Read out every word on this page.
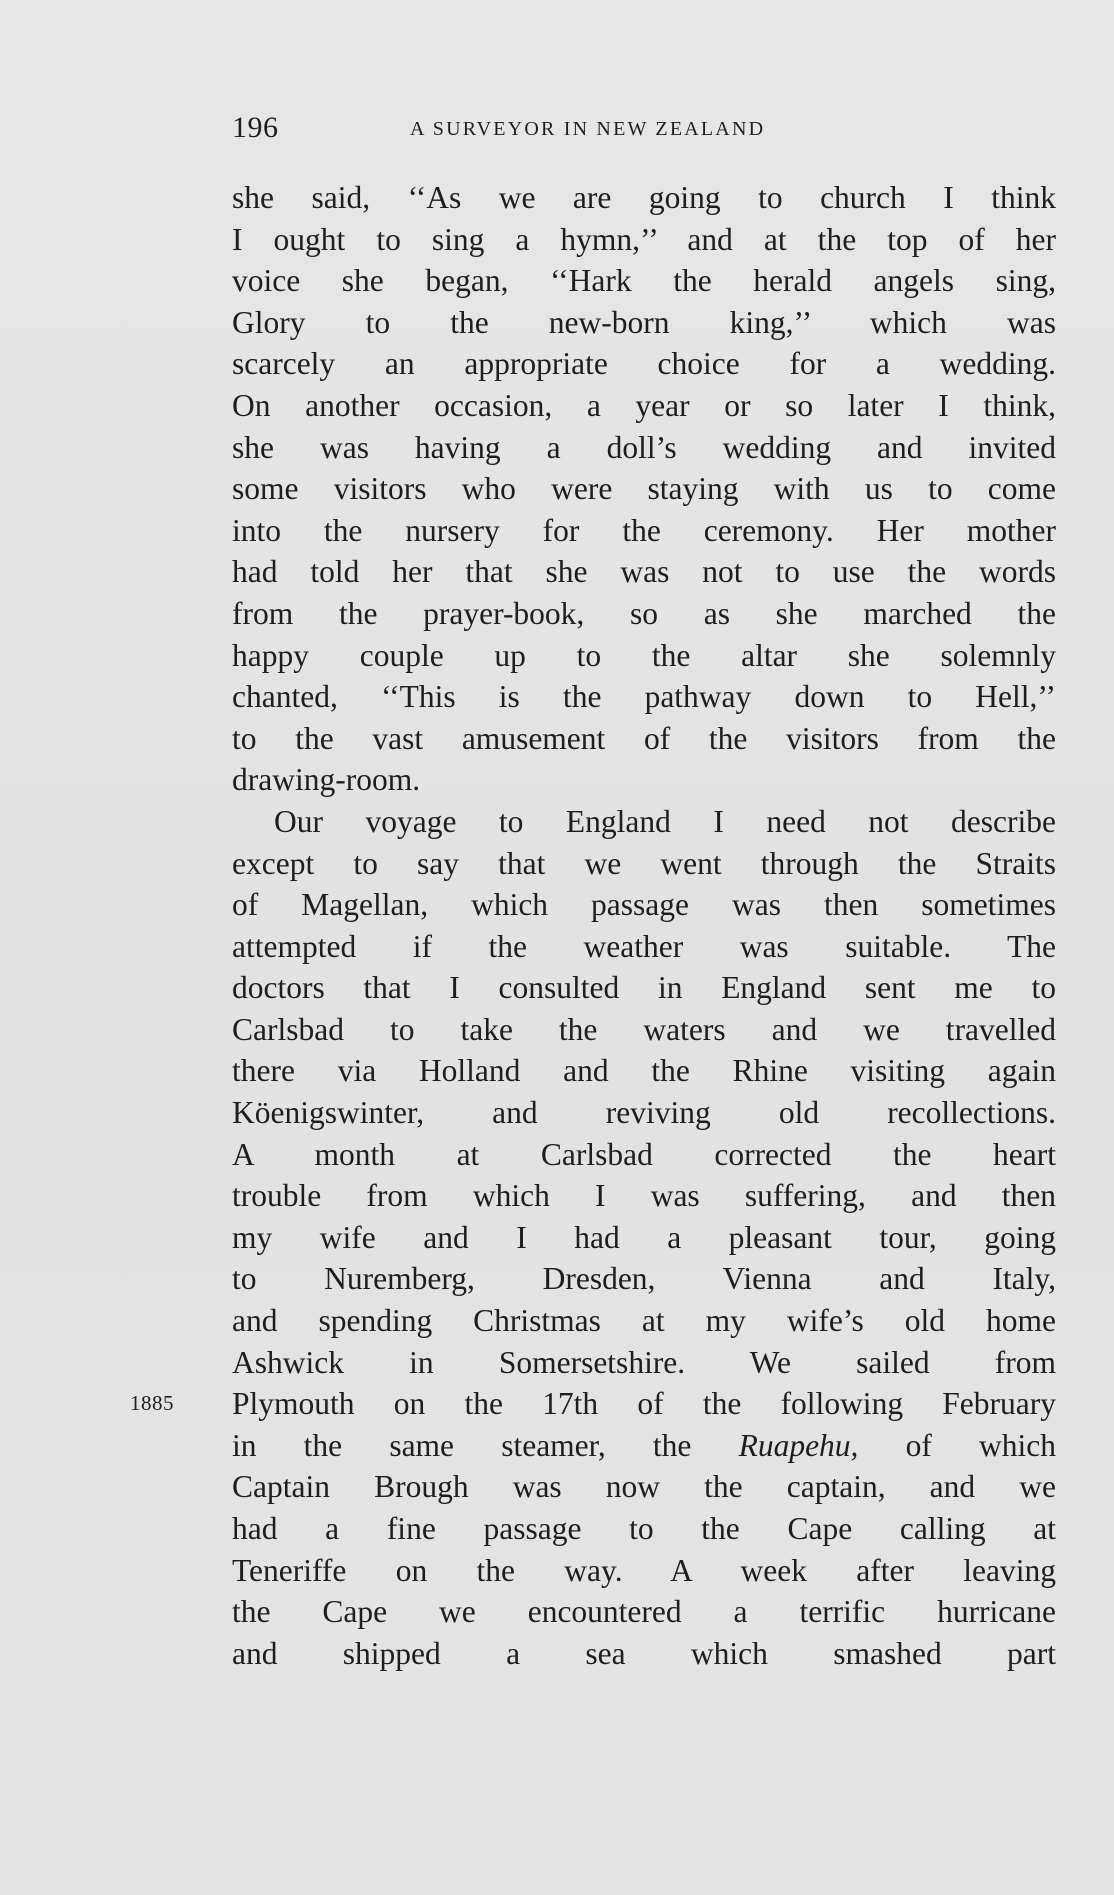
196	A SURVEYOR IN NEW ZEALAND
1885
she said, ‘‘As we are going to church I think
I ought to sing a hymn,’’ and at the top of her
voice she began, ‘‘Hark the herald angels sing,
Glory to the new-born king,’’ which was
scarcely an appropriate choice for a wedding.
On another occasion, a year or so later I think,
she was having a doll’s wedding and invited
some visitors who were staying with us to come
into the nursery for the ceremony. Her mother
had told her that she was not to use the words
from the prayer-book, so as she marched the
happy couple up to the altar she solemnly
chanted, ‘‘This is the pathway down to Hell,’’
to the vast amusement of the visitors from the
drawing-room.
Our voyage to England I need not describe
except to say that we went through the Straits
of Magellan, which passage was then sometimes
attempted if the weather was suitable. The
doctors that I consulted in England sent me to
Carlsbad to take the waters and we travelled
there via Holland and the Rhine visiting again
Köenigswinter, and reviving old recollections.
A month at Carlsbad corrected the heart
trouble from which I was suffering, and then
my wife and I had a pleasant tour, going
to Nuremberg, Dresden, Vienna and Italy,
and spending Christmas at my wife’s old home
Ashwick in Somersetshire. We sailed from
Plymouth on the 17th of the following February
in the same steamer, the Ruapehu, of which
Captain Brough was now the captain, and we
had a fine passage to the Cape calling at
Teneriffe on the way. A week after leaving
the Cape we encountered a terrific hurricane
and shipped a sea which smashed part
